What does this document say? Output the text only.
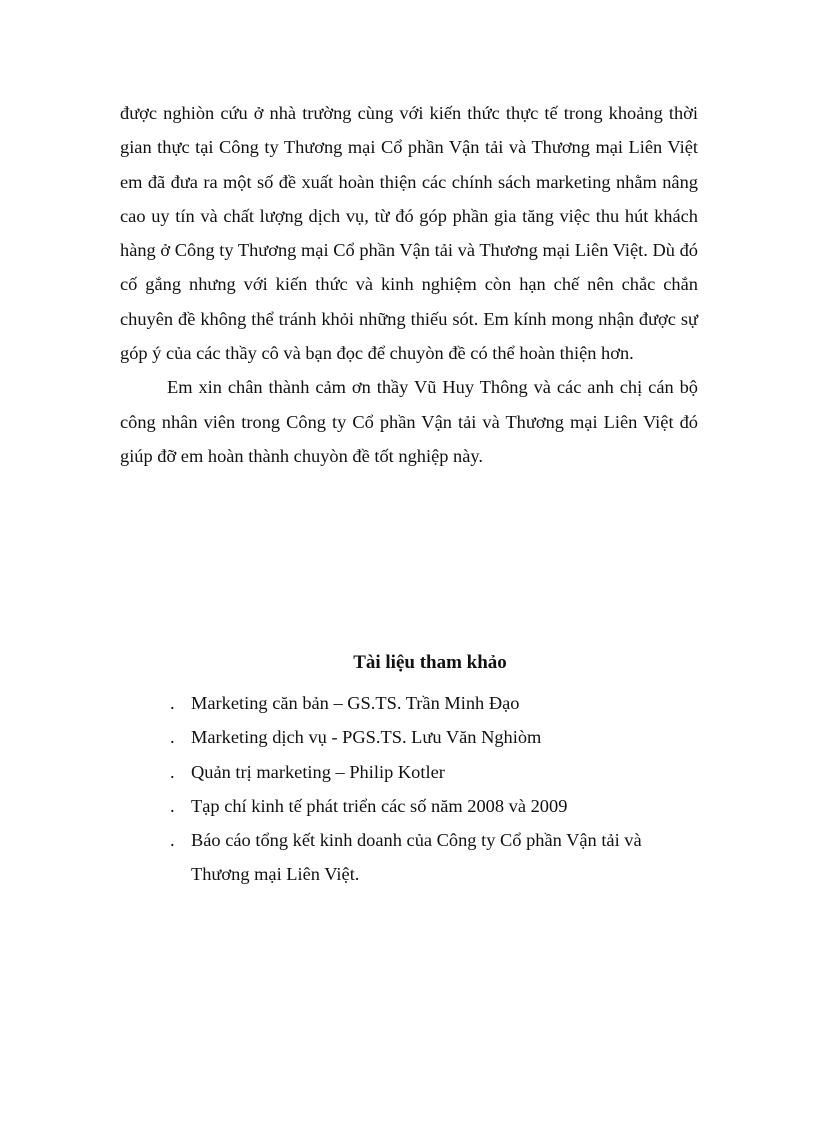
được nghiòn cứu ở nhà trường cùng với kiến thức thực tế trong khoảng thời gian thực tại Công ty Thương mại Cổ phần Vận tải và Thương mại Liên Việt em đã đưa ra một số đề xuất hoàn thiện các chính sách marketing nhằm nâng cao uy tín và chất lượng dịch vụ, từ đó góp phần gia tăng việc thu hút khách hàng ở Công ty Thương mại Cổ phần Vận tải và Thương mại Liên Việt. Dù đó cố gắng nhưng với kiến thức và kinh nghiệm còn hạn chế nên chắc chắn chuyên đề không thể tránh khỏi những thiếu sót. Em kính mong nhận được sự góp ý của các thầy cô và bạn đọc để chuyòn đề có thể hoàn thiện hơn.

Em xin chân thành cảm ơn thầy Vũ Huy Thông và các anh chị cán bộ công nhân viên trong Công ty Cổ phần Vận tải và Thương mại Liên Việt đó giúp đỡ em hoàn thành chuyòn đề tốt nghiệp này.

Tài liệu tham khảo
. Marketing căn bản – GS.TS. Trần Minh Đạo
. Marketing dịch vụ - PGS.TS. Lưu Văn Nghiòm
. Quản trị marketing – Philip Kotler
. Tạp chí kinh tế phát triển các số năm 2008 và 2009
. Báo cáo tổng kết kinh doanh của Công ty Cổ phần Vận tải và Thương mại Liên Việt.
